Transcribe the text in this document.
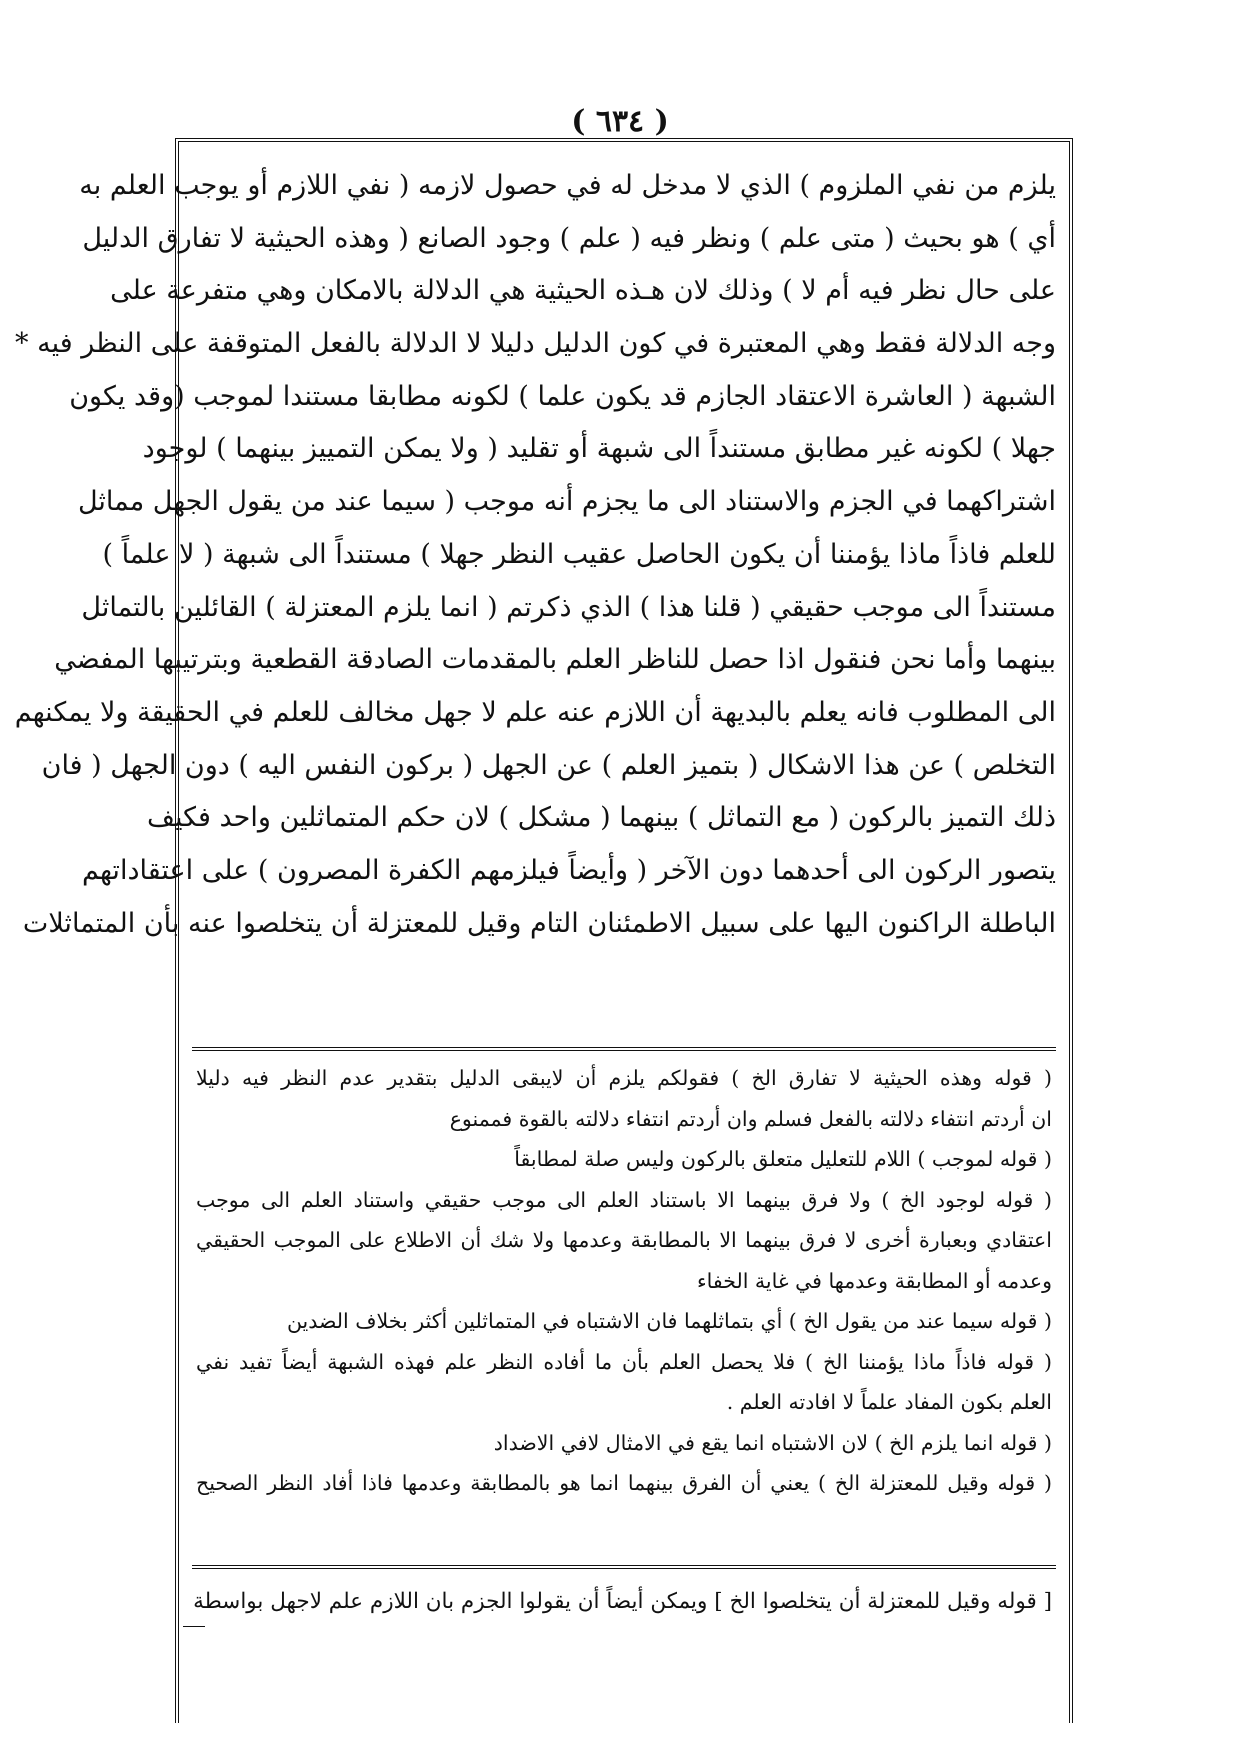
( ٦٣٤ )
يلزم من نفي الملزوم ) الذي لا مدخل له في حصول لازمه ( نفي اللازم أو يوجب العلم به
أي ) هو بحيث ( متى علم ) ونظر فيه ( علم ) وجود الصانع ( وهذه الحيثية لا تفارق الدليل
على حال نظر فيه أم لا ) وذلك لان هـذه الحيثية هي الدلالة بالامكان وهي متفرعة على
وجه الدلالة فقط وهي المعتبرة في كون الدليل دليلا لا الدلالة بالفعل المتوقفة على النظر فيه *
الشبهة ( العاشرة الاعتقاد الجازم قد يكون علما ) لكونه مطابقا مستندا لموجب (وقد يكون
جهلا ) لكونه غير مطابق مستنداً الى شبهة أو تقليد ( ولا يمكن التمييز بينهما ) لوجود
اشتراكهما في الجزم والاستناد الى ما يجزم أنه موجب ( سيما عند من يقول الجهل مماثل
للعلم فاذاً ماذا يؤمننا أن يكون الحاصل عقيب النظر جهلا ) مستنداً الى شبهة ( لا علماً )
مستنداً الى موجب حقيقي ( قلنا هذا ) الذي ذكرتم ( انما يلزم المعتزلة ) القائلين بالتماثل
بينهما وأما نحن فنقول اذا حصل للناظر العلم بالمقدمات الصادقة القطعية وبترتيبها المفضي
الى المطلوب فانه يعلم بالبديهة أن اللازم عنه علم لا جهل مخالف للعلم في الحقيقة ولا يمكنهم
التخلص ) عن هذا الاشكال ( بتميز العلم ) عن الجهل ( بركون النفس اليه ) دون الجهل ( فان
ذلك التميز بالركون ( مع التماثل ) بينهما ( مشكل ) لان حكم المتماثلين واحد فكيف
يتصور الركون الى أحدهما دون الآخر ( وأيضاً فيلزمهم الكفرة المصرون ) على اعتقاداتهم
الباطلة الراكنون اليها على سبيل الاطمئنان التام وقيل للمعتزلة أن يتخلصوا عنه بأن المتماثلات
( قوله وهذه الحيثية لا تفارق الخ ) فقولكم يلزم أن لايبقى الدليل بتقدير عدم النظر فيه دليلا
ان أردتم انتفاء دلالته بالفعل فسلم وان أردتم انتفاء دلالته بالقوة فممنوع
( قوله لموجب ) اللام للتعليل متعلق بالركون وليس صلة لمطابقاً
( قوله لوجود الخ ) ولا فرق بينهما الا باستناد العلم الى موجب حقيقي واستناد العلم الى موجب
اعتقادي وبعبارة أخرى لا فرق بينهما الا بالمطابقة وعدمها ولا شك أن الاطلاع على الموجب الحقيقي
وعدمه أو المطابقة وعدمها في غاية الخفاء
( قوله سيما عند من يقول الخ ) أي بتماثلهما فان الاشتباه في المتماثلين أكثر بخلاف الضدين
( قوله فاذاً ماذا يؤمننا الخ ) فلا يحصل العلم بأن ما أفاده النظر علم فهذه الشبهة أيضاً تفيد نفي
العلم بكون المفاد علماً لا افادته العلم .
( قوله انما يلزم الخ ) لان الاشتباه انما يقع في الامثال لافي الاضداد
( قوله وقيل للمعتزلة الخ ) يعني أن الفرق بينهما انما هو بالمطابقة وعدمها فاذا أفاد النظر الصحيح
[ قوله وقيل للمعتزلة أن يتخلصوا الخ ] ويمكن أيضاً أن يقولوا الجزم بان اللازم علم لاجهل بواسطة
